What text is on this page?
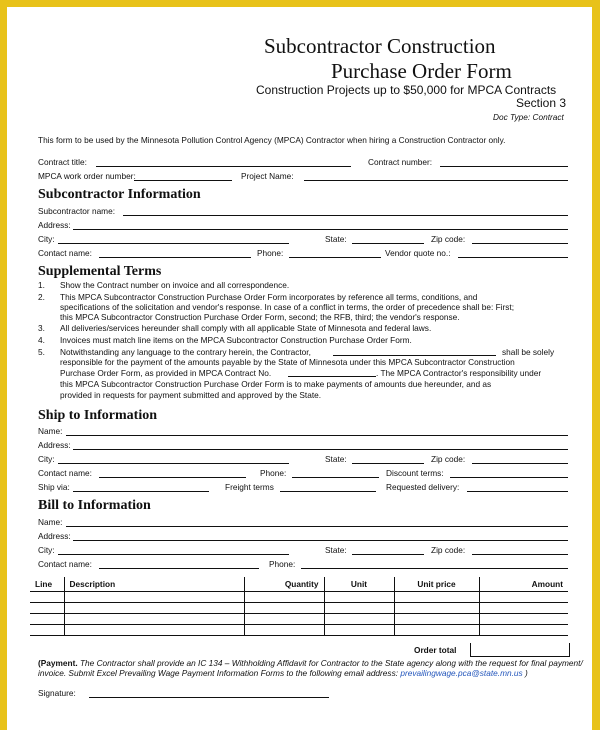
Subcontractor Construction
Purchase Order Form
Construction Projects up to $50,000 for MPCA Contracts
Section 3
Doc Type: Contract
This form to be used by the Minnesota Pollution Control Agency (MPCA) Contractor when hiring a Construction Contractor only.
Contract title:	Contract number:
MPCA work order number:	Project Name:
Subcontractor Information
Subcontractor name:
Address:
City:	State:	Zip code:
Contact name:	Phone:	Vendor quote no.:
Supplemental Terms
1. Show the Contract number on invoice and all correspondence.
2. This MPCA Subcontractor Construction Purchase Order Form incorporates by reference all terms, conditions, and
specifications of the solicitation and vendor's response. In case of a conflict in terms, the order of precedence shall be: First;
this MPCA Subcontractor Construction Purchase Order Form, second; the RFB, third; the vendor's response.
3. All deliveries/services hereunder shall comply with all applicable State of Minnesota and federal laws.
4. Invoices must match line items on the MPCA Subcontractor Construction Purchase Order Form.
5. Notwithstanding any language to the contrary herein, the Contractor,	shall be solely
responsible for the payment of the amounts payable by the State of Minnesota under this MPCA Subcontractor Construction
Purchase Order Form, as provided in MPCA Contract No.	. The MPCA Contractor's responsibility under
this MPCA Subcontractor Construction Purchase Order Form is to make payments of amounts due hereunder, and as
provided in requests for payment submitted and approved by the State.
Ship to Information
Name:
Address:
City:	State:	Zip code:
Contact name:	Phone:	Discount terms:
Ship via:	Freight terms	Requested delivery:
Bill to Information
Name:
Address:
City:	State:	Zip code:
Contact name:	Phone:
Line	Description	Quantity	Unit	Unit price	Amount

Order total
(Payment. The Contractor shall provide an IC 134 – Withholding Affidavit for Contractor to the State agency along with the request for final payment/
invoice. Submit Excel Prevailing Wage Payment Information Forms to the following email address: prevailingwage.pca@state.mn.us )
Signature:
